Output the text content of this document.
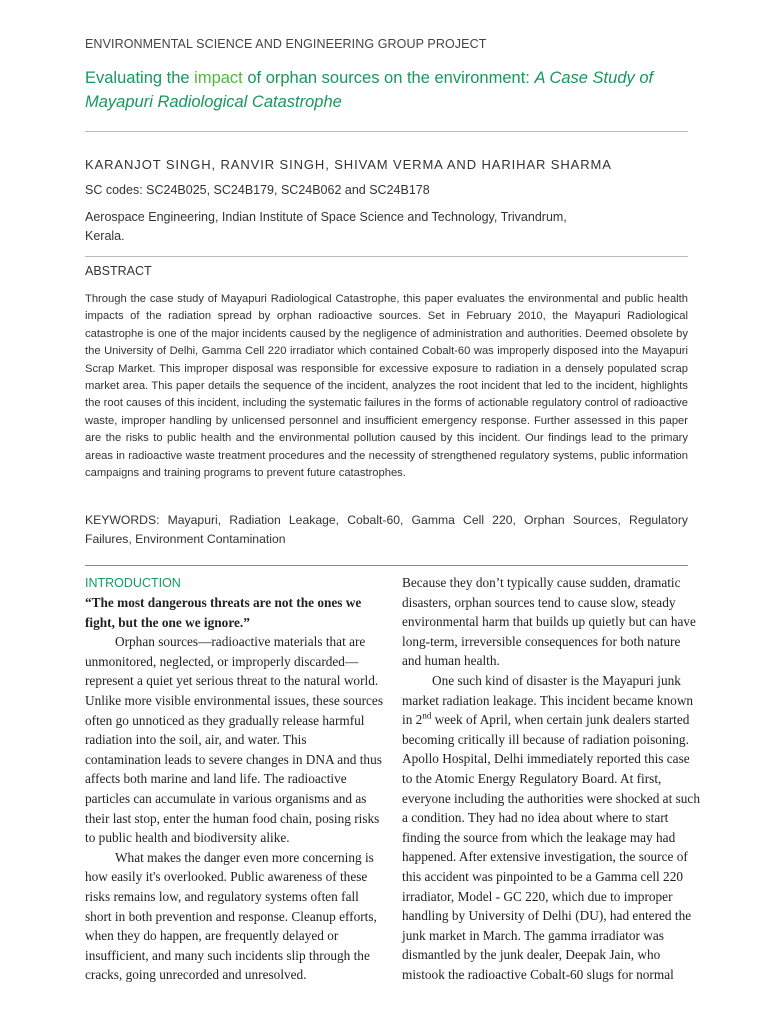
ENVIRONMENTAL SCIENCE AND ENGINEERING GROUP PROJECT
Evaluating the impact of orphan sources on the environment: A Case Study of Mayapuri Radiological Catastrophe
KARANJOT SINGH, RANVIR SINGH, SHIVAM VERMA AND HARIHAR SHARMA
SC codes: SC24B025, SC24B179, SC24B062 and SC24B178
Aerospace Engineering, Indian Institute of Space Science and Technology, Trivandrum, Kerala.
ABSTRACT
Through the case study of Mayapuri Radiological Catastrophe, this paper evaluates the environmental and public health impacts of the radiation spread by orphan radioactive sources. Set in February 2010, the Mayapuri Radiological catastrophe is one of the major incidents caused by the negligence of administration and authorities. Deemed obsolete by the University of Delhi, Gamma Cell 220 irradiator which contained Cobalt-60 was improperly disposed into the Mayapuri Scrap Market. This improper disposal was responsible for excessive exposure to radiation in a densely populated scrap market area. This paper details the sequence of the incident, analyzes the root incident that led to the incident, highlights the root causes of this incident, including the systematic failures in the forms of actionable regulatory control of radioactive waste, improper handling by unlicensed personnel and insufficient emergency response. Further assessed in this paper are the risks to public health and the environmental pollution caused by this incident. Our findings lead to the primary areas in radioactive waste treatment procedures and the necessity of strengthened regulatory systems, public information campaigns and training programs to prevent future catastrophes.
KEYWORDS: Mayapuri, Radiation Leakage, Cobalt-60, Gamma Cell 220, Orphan Sources, Regulatory Failures, Environment Contamination
INTRODUCTION

“The most dangerous threats are not the ones we fight, but the one we ignore.”

Orphan sources—radioactive materials that are unmonitored, neglected, or improperly discarded—represent a quiet yet serious threat to the natural world. Unlike more visible environmental issues, these sources often go unnoticed as they gradually release harmful radiation into the soil, air, and water. This contamination leads to severe changes in DNA and thus affects both marine and land life. The radioactive particles can accumulate in various organisms and as their last stop, enter the human food chain, posing risks to public health and biodiversity alike.

What makes the danger even more concerning is how easily it's overlooked. Public awareness of these risks remains low, and regulatory systems often fall short in both prevention and response. Cleanup efforts, when they do happen, are frequently delayed or insufficient, and many such incidents slip through the cracks, going unrecorded and unresolved.

Because they don’t typically cause sudden, dramatic disasters, orphan sources tend to cause slow, steady environmental harm that builds up quietly but can have long-term, irreversible consequences for both nature and human health.

One such kind of disaster is the Mayapuri junk market radiation leakage. This incident became known in 2nd week of April, when certain junk dealers started becoming critically ill because of radiation poisoning. Apollo Hospital, Delhi immediately reported this case to the Atomic Energy Regulatory Board. At first, everyone including the authorities were shocked at such a condition. They had no idea about where to start finding the source from which the leakage may had happened. After extensive investigation, the source of this accident was pinpointed to be a Gamma cell 220 irradiator, Model - GC 220, which due to improper handling by University of Delhi (DU), had entered the junk market in March. The gamma irradiator was dismantled by the junk dealer, Deepak Jain, who mistook the radioactive Cobalt-60 slugs for normal
